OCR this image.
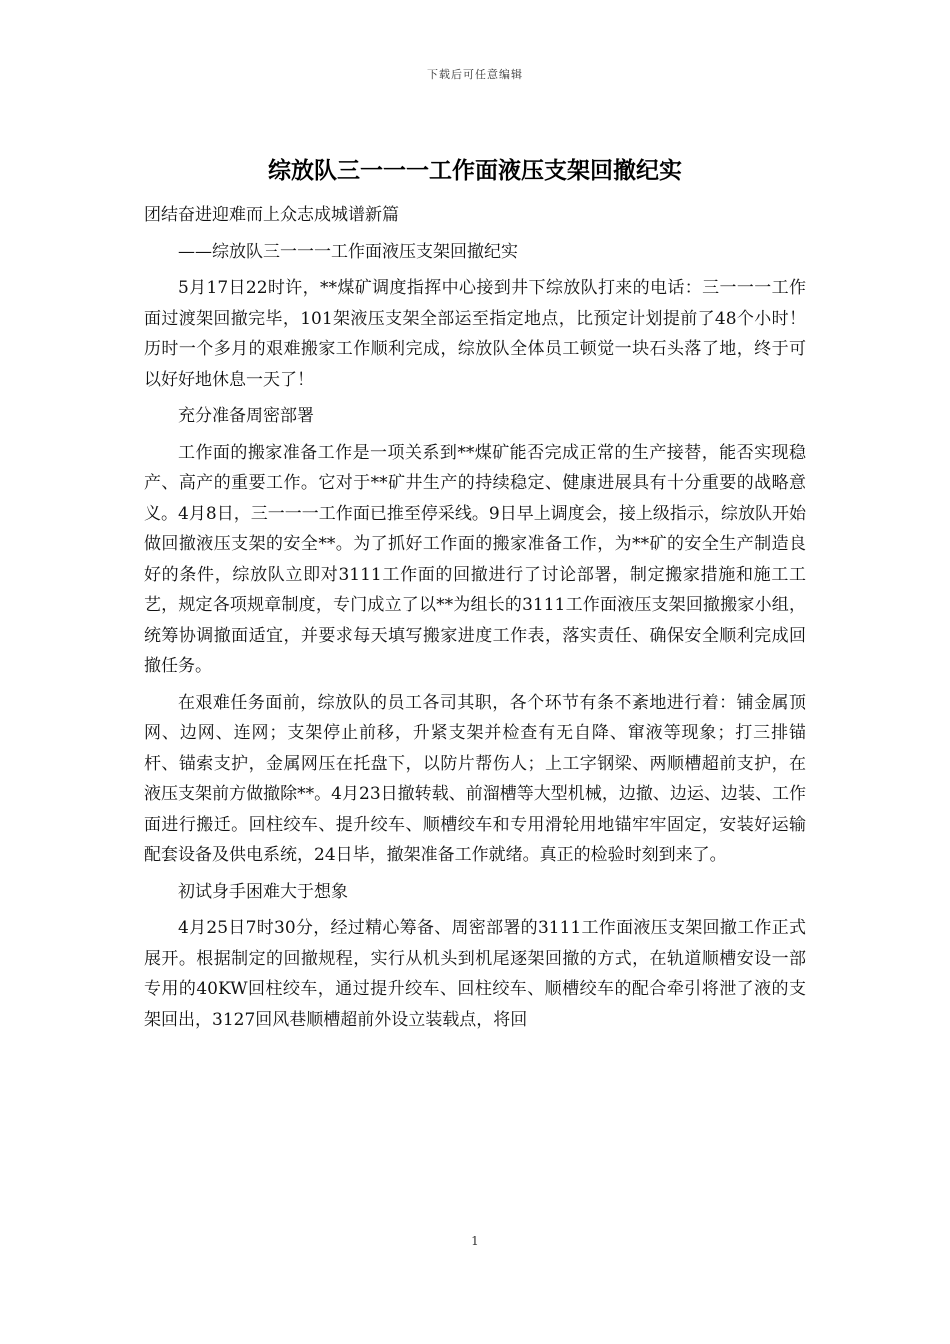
下载后可任意编辑
综放队三一一一工作面液压支架回撤纪实
团结奋进迎难而上众志成城谱新篇
——综放队三一一一工作面液压支架回撤纪实
5月17日22时许，**煤矿调度指挥中心接到井下综放队打来的电话：三一一一工作面过渡架回撤完毕，101架液压支架全部运至指定地点，比预定计划提前了48个小时！历时一个多月的艰难搬家工作顺利完成，综放队全体员工顿觉一块石头落了地，终于可以好好地休息一天了！
充分准备周密部署
工作面的搬家准备工作是一项关系到**煤矿能否完成正常的生产接替，能否实现稳产、高产的重要工作。它对于**矿井生产的持续稳定、健康进展具有十分重要的战略意义。4月8日，三一一一工作面已推至停采线。9日早上调度会，接上级指示，综放队开始做回撤液压支架的安全**。为了抓好工作面的搬家准备工作，为**矿的安全生产制造良好的条件，综放队立即对3111工作面的回撤进行了讨论部署，制定搬家措施和施工工艺，规定各项规章制度，专门成立了以**为组长的3111工作面液压支架回撤搬家小组，统筹协调撤面适宜，并要求每天填写搬家进度工作表，落实责任、确保安全顺利完成回撤任务。
在艰难任务面前，综放队的员工各司其职，各个环节有条不紊地进行着：铺金属顶网、边网、连网；支架停止前移，升紧支架并检查有无自降、窜液等现象；打三排锚杆、锚索支护，金属网压在托盘下，以防片帮伤人；上工字钢梁、两顺槽超前支护，在液压支架前方做撤除**。4月23日撤转载、前溜槽等大型机械，边撤、边运、边装、工作面进行搬迁。回柱绞车、提升绞车、顺槽绞车和专用滑轮用地锚牢牢固定，安装好运输配套设备及供电系统，24日毕，撤架准备工作就绪。真正的检验时刻到来了。
初试身手困难大于想象
4月25日7时30分，经过精心筹备、周密部署的3111工作面液压支架回撤工作正式展开。根据制定的回撤规程，实行从机头到机尾逐架回撤的方式，在轨道顺槽安设一部专用的40KW回柱绞车，通过提升绞车、回柱绞车、顺槽绞车的配合牵引将泄了液的支架回出，3127回风巷顺槽超前外设立装载点，将回
1
